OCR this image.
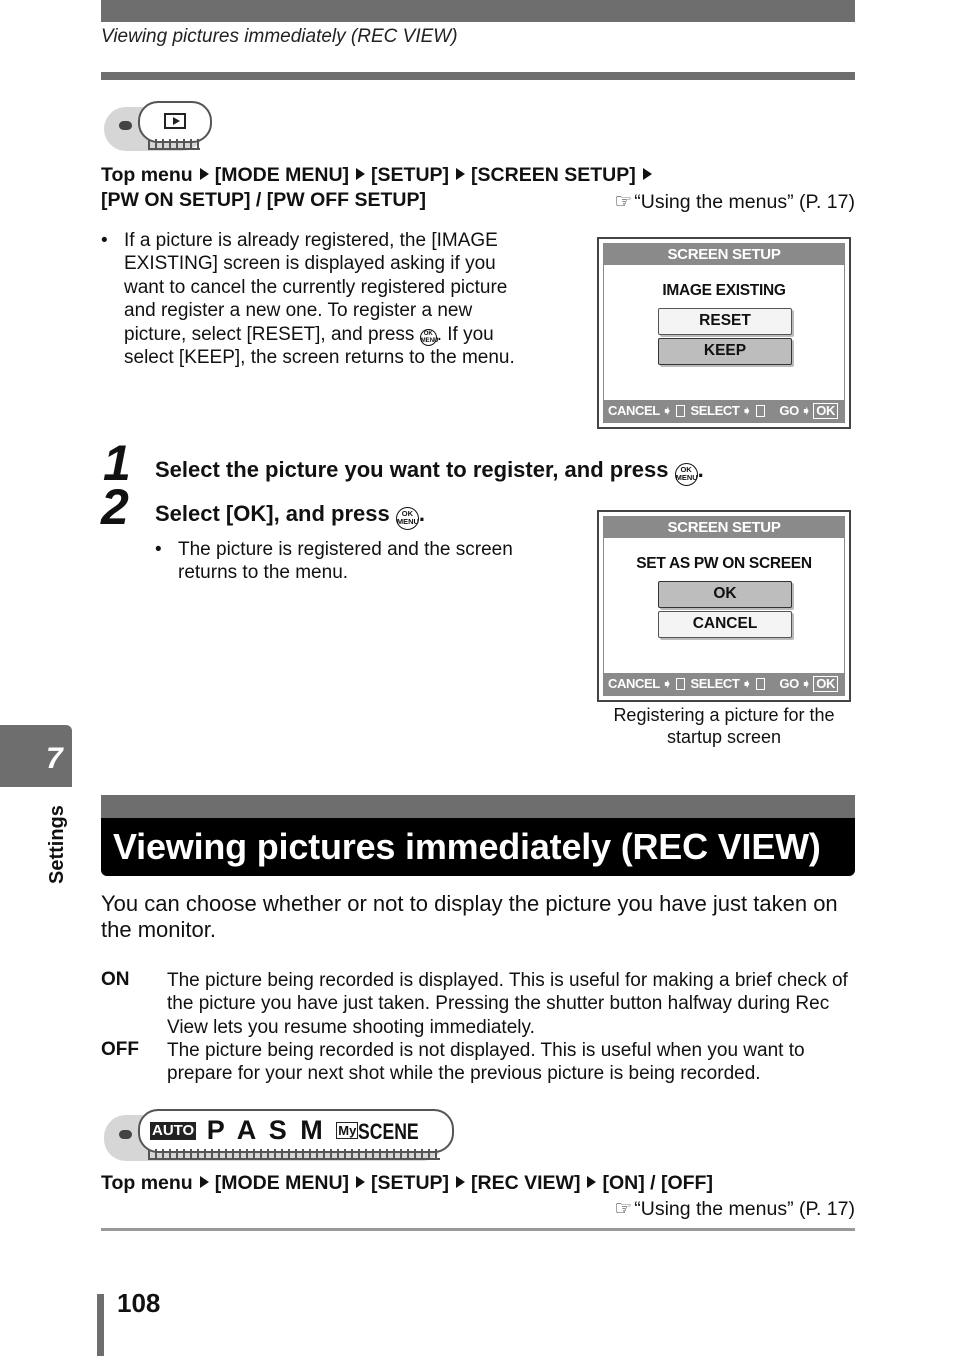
Viewing pictures immediately (REC VIEW)
Top menu [MODE MENU] [SETUP] [SCREEN SETUP]
[PW ON SETUP] / [PW OFF SETUP]	☞ “Using the menus” (P. 17)
• If a picture is already registered, the [IMAGE EXISTING] screen is displayed asking if you want to cancel the currently registered picture and register a new one. To register a new picture, select [RESET], and press OK
MENU. If you select [KEEP], the screen returns to the menu.
SCREEN SETUP
IMAGE EXISTING
RESET
KEEP
CANCEL ➧ SELECT ➧	GO ➧ OK
1 Select the picture you want to register, and press OK
MENU.
2 Select [OK], and press OK
MENU.
• The picture is registered and the screen returns to the menu.
SCREEN SETUP
SET AS PW ON SCREEN
OK
CANCEL
CANCEL ➧ SELECT ➧	GO ➧ OK
Registering a picture for the startup screen
7
Settings Viewing pictures immediately (REC VIEW)
You can choose whether or not to display the picture you have just taken on the monitor.
ON The picture being recorded is displayed. This is useful for making a brief check of the picture you have just taken. Pressing the shutter button halfway during Rec View lets you resume shooting immediately.
OFF The picture being recorded is not displayed. This is useful when you want to prepare for your next shot while the previous picture is being recorded.
AUTO P A S M MySCENE
Top menu [MODE MENU] [SETUP] [REC VIEW] [ON] / [OFF]
☞ “Using the menus” (P. 17)
108
